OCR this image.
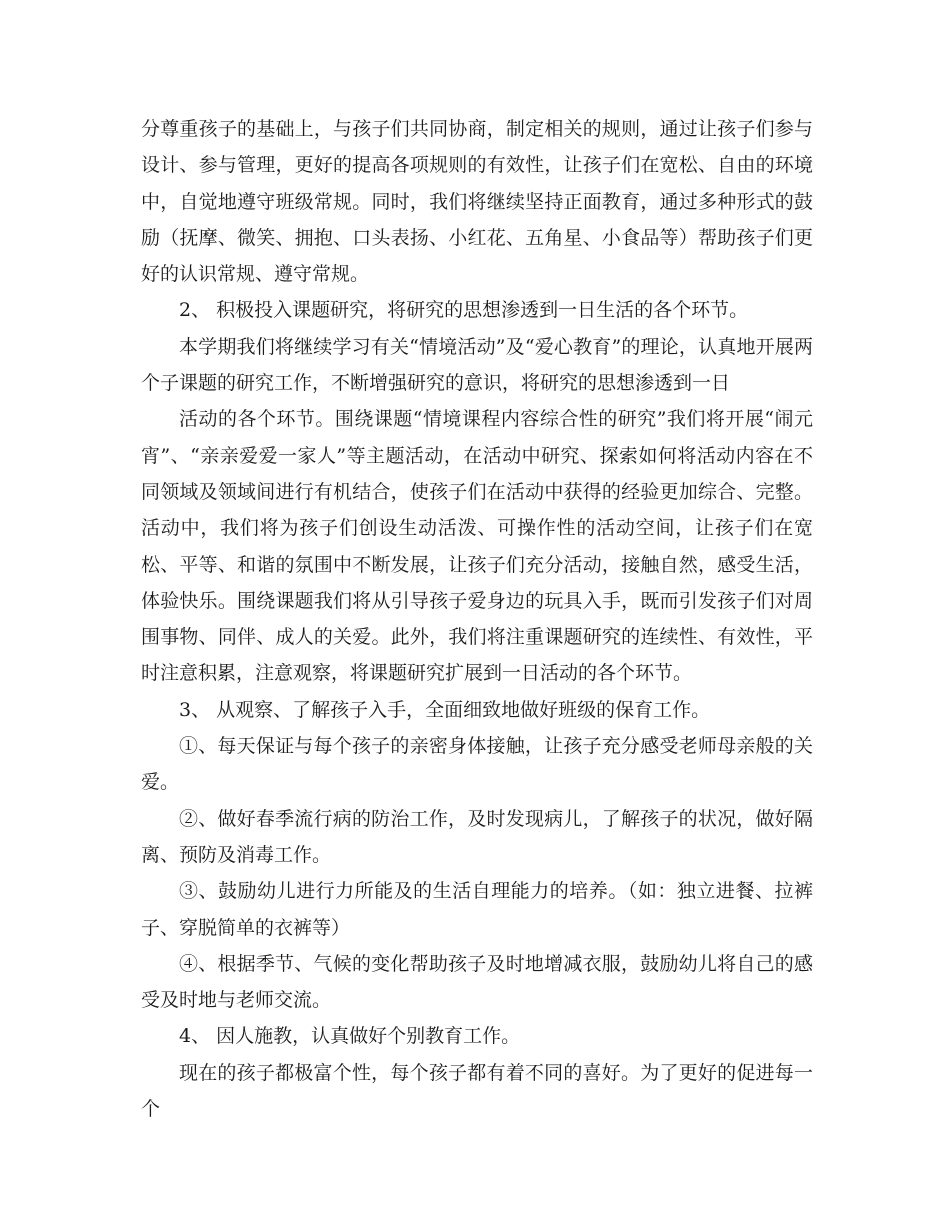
分尊重孩子的基础上，与孩子们共同协商，制定相关的规则，通过让孩子们参与设计、参与管理，更好的提高各项规则的有效性，让孩子们在宽松、自由的环境中，自觉地遵守班级常规。同时，我们将继续坚持正面教育，通过多种形式的鼓励（抚摩、微笑、拥抱、口头表扬、小红花、五角星、小食品等）帮助孩子们更好的认识常规、遵守常规。

2、 积极投入课题研究，将研究的思想渗透到一日生活的各个环节。

本学期我们将继续学习有关“情境活动”及“爱心教育”的理论，认真地开展两个子课题的研究工作，不断增强研究的意识，将研究的思想渗透到一日

活动的各个环节。围绕课题“情境课程内容综合性的研究”我们将开展“闹元宵”、“亲亲爱爱一家人”等主题活动，在活动中研究、探索如何将活动内容在不同领域及领域间进行有机结合，使孩子们在活动中获得的经验更加综合、完整。活动中，我们将为孩子们创设生动活泼、可操作性的活动空间，让孩子们在宽松、平等、和谐的氛围中不断发展，让孩子们充分活动，接触自然，感受生活，体验快乐。围绕课题我们将从引导孩子爱身边的玩具入手，既而引发孩子们对周围事物、同伴、成人的关爱。此外，我们将注重课题研究的连续性、有效性，平时注意积累，注意观察，将课题研究扩展到一日活动的各个环节。

3、 从观察、了解孩子入手，全面细致地做好班级的保育工作。

①、每天保证与每个孩子的亲密身体接触，让孩子充分感受老师母亲般的关爱。

②、做好春季流行病的防治工作，及时发现病儿，了解孩子的状况，做好隔离、预防及消毒工作。

③、鼓励幼儿进行力所能及的生活自理能力的培养。（如：独立进餐、拉裤子、穿脱简单的衣裤等）

④、根据季节、气候的变化帮助孩子及时地增减衣服，鼓励幼儿将自己的感受及时地与老师交流。

4、 因人施教，认真做好个别教育工作。

现在的孩子都极富个性，每个孩子都有着不同的喜好。为了更好的促进每一个
